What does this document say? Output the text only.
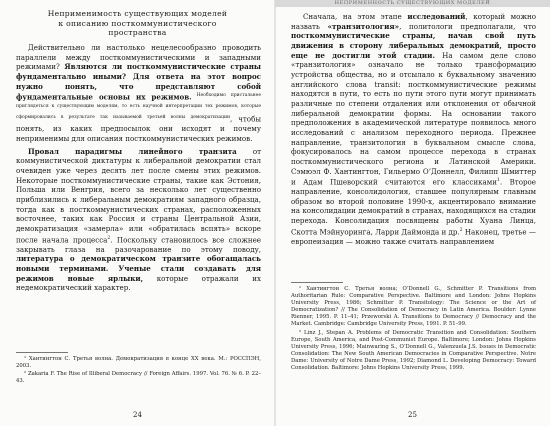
Неприменимость существующих моделей
к описанию посткоммунистического
пространства

Действительно ли настолько нецелесообразно проводить параллели между посткоммунистическими и западными режимами? Являются ли посткоммунистические страны фундаментально иными? Для ответа на этот вопрос нужно понять, что представляют собой фундаментальные основы их режимов. $^{Необходимо пристальнее приглядеться к существующим моделям, то есть научной интерпретации тех режимов, которые сформировались в результате так называемой третьей волны демократизации}$, чтобы понять, из каких предпосылок они исходят и почему неприменимы для описания посткоммунистических режимов.

Провал парадигмы линейного транзита от коммунистической диктатуры к либеральной демократии стал очевиден уже через десять лет после смены этих режимов. Некоторые посткоммунистические страны, такие как Эстония, Польша или Венгрия, всего за несколько лет существенно приблизились к либеральным демократиям западного образца, тогда как в посткоммунистических странах, расположенных восточнее, таких как Россия и страны Центральной Азии, демократизация «замерла» или «обратилась вспять» вскоре после начала процесса$^2$. Поскольку становилось все сложнее закрывать глаза на разочарование по этому поводу, литература о демократическом транзите обогащалась новыми терминами. Ученые стали создавать для режимов новые ярлыки, которые отражали их недемократический характер.

¹ Хантингтон С. Третья волна. Демократизация в конце XX века. М.: РОССПЭН, 2003.

² Zakaria F. The Rise of Illiberal Democracy // Foreign Affairs. 1997. Vol. 76. № 6. P. 22–43.

24
НЕПРИМЕННОСТЬ СУЩЕСТВУЮЩИХ МОДЕЛЕЙ

Сначала, на этом этапе исследований, который можно назвать «транзитология», политологи предполагали, что посткоммунистические страны, начав свой путь движения в сторону либеральных демократий, просто еще не достигли этой стадии. На самом деле слово «транзитология» означало не только трансформацию устройства общества, но и отсылало к буквальному значению английского слова transit: посткоммунистические режимы находятся в пути, то есть по пути этого пути могут принимать различные по степени отдаления или отклонения от обычной либеральной демократии формы. На основании такого предположения в академической литературе появилось много исследований с анализом переходного периода. Прежнее направление, транзитология в буквальном смысле слова, фокусировалось на самом процессе перехода в странах посткоммунистического региона и Латинской Америки. Сэмюэл Ф. Хантингтон, Гильермо О’Доннелл, Филипп Шмиттер и Адам Пшеворский считаются его классиками$^1$. Второе направление, консолидология, ставшее популярным главным образом во второй половине 1990-х, акцентировало внимание на консолидации демократий в странах, находящихся на стадии перехода. Консолидация посвящены работы Хуана Линца, Скотта Мэйнуоринга, Ларри Даймонда и др.$^2$ Наконец, третье — европеизация — можно также считать направлением

¹ Хантингтон С. Третья волна; O’Donnell G., Schmitter P. Transitions from Authoritarian Rule: Comparative Perspective. Baltimore and London: Johns Hopkins University Press, 1986; Schmitter P. Transitology: The Science or the Art of Democratization? // The Consolidation of Democracy in Latin America. Boulder: Lynne Rienner, 1995. P. 11–41; Przeworski A. Transitions to Democracy // Democracy and the Market. Cambridge: Cambridge University Press, 1991. P. 51–99.

² Linz J., Stepan A. Problems of Democratic Transition and Consolidation: Southern Europe, South America, and Post-Communist Europe. Baltimore; London: Johns Hopkins University Press, 1996; Mainwaring S., O’Donnell G., Valenzuela J.S. Issues in Democratic Consolidation: The New South American Democracies in Comparative Perspective. Notre Dame: University of Notre Dame Press, 1992; Diamond L. Developing Democracy: Toward Consolidation. Baltimore: Johns Hopkins University Press, 1999.

25
